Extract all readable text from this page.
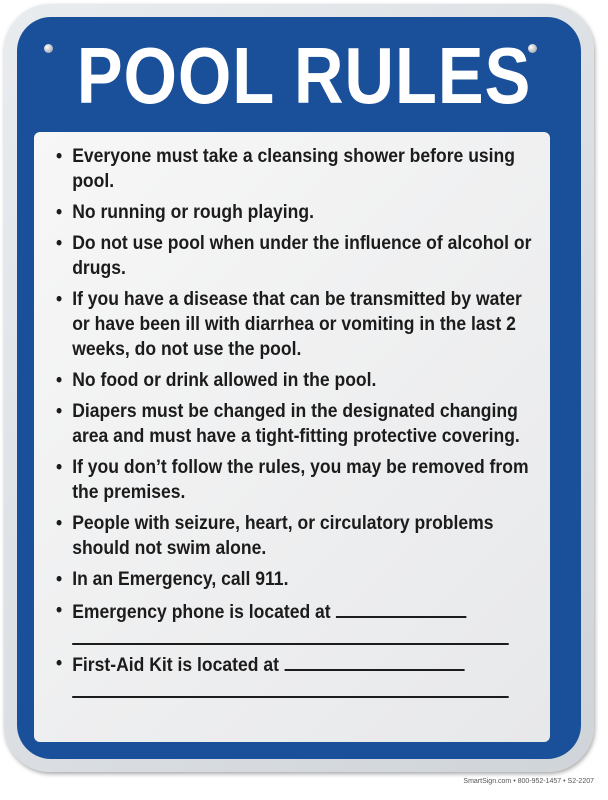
POOL RULES
• Everyone must take a cleansing shower before using pool.
• No running or rough playing.
• Do not use pool when under the influence of alcohol or drugs.
• If you have a disease that can be transmitted by water or have been ill with diarrhea or vomiting in the last 2 weeks, do not use the pool.
• No food or drink allowed in the pool.
• Diapers must be changed in the designated changing area and must have a tight-fitting protective covering.
• If you don’t follow the rules, you may be removed from the premises.
• People with seizure, heart, or circulatory problems should not swim alone.
• In an Emergency, call 911.
• Emergency phone is located at
• First-Aid Kit is located at
SmartSign.com • 800-952-1457 • S2-2207
